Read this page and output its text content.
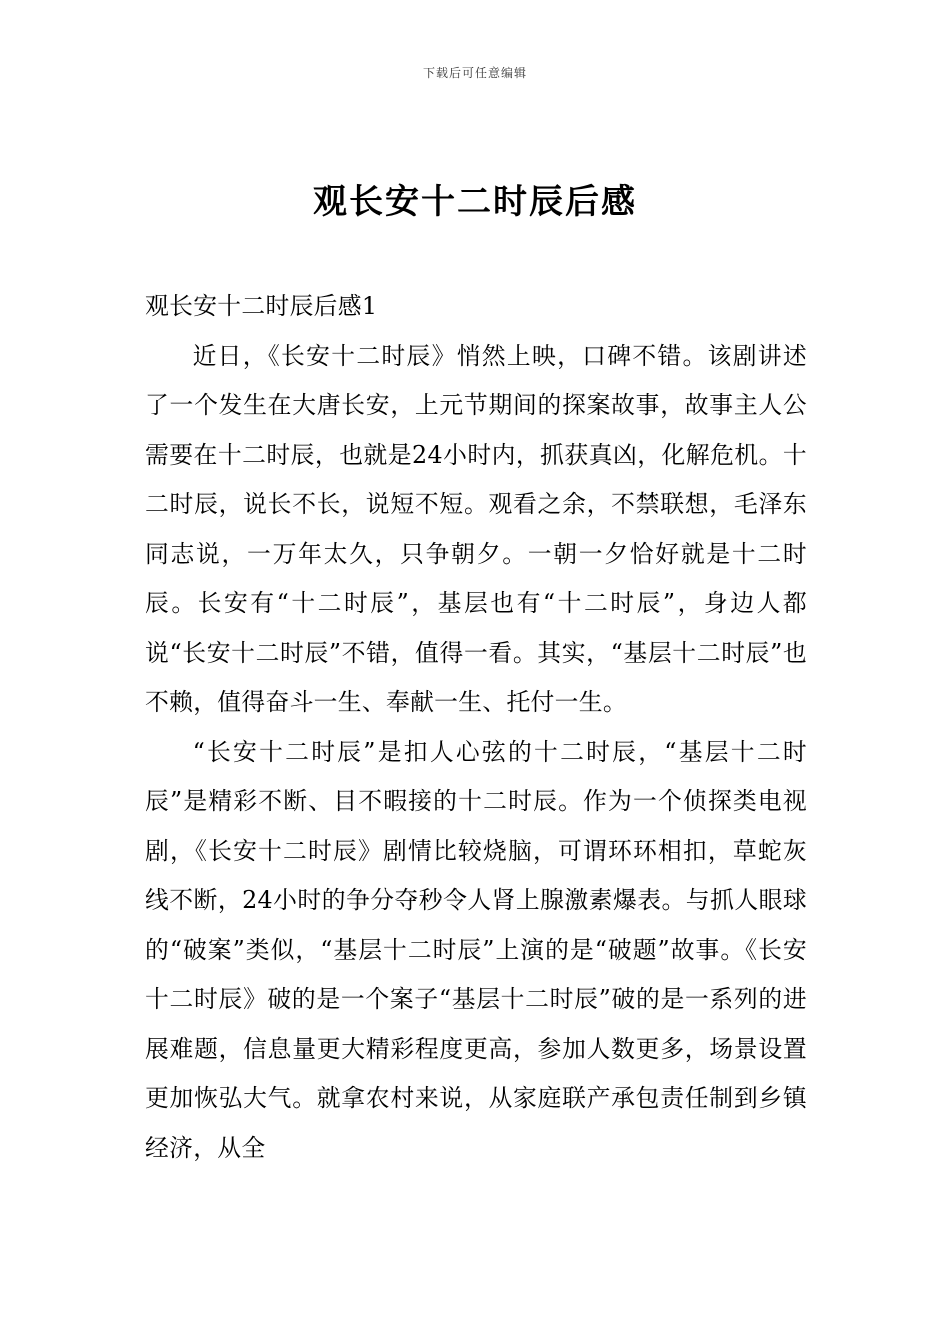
下载后可任意编辑
观长安十二时辰后感

观长安十二时辰后感1

近日，《长安十二时辰》悄然上映，口碑不错。该剧讲述了一个发生在大唐长安，上元节期间的探案故事，故事主人公需要在十二时辰，也就是24小时内，抓获真凶，化解危机。十二时辰，说长不长，说短不短。观看之余，不禁联想，毛泽东同志说，一万年太久，只争朝夕。一朝一夕恰好就是十二时辰。长安有“十二时辰”，基层也有“十二时辰”，身边人都说“长安十二时辰”不错，值得一看。其实，“基层十二时辰”也不赖，值得奋斗一生、奉献一生、托付一生。

“长安十二时辰”是扣人心弦的十二时辰，“基层十二时辰”是精彩不断、目不暇接的十二时辰。作为一个侦探类电视剧，《长安十二时辰》剧情比较烧脑，可谓环环相扣，草蛇灰线不断，24小时的争分夺秒令人肾上腺激素爆表。与抓人眼球的“破案”类似，“基层十二时辰”上演的是“破题”故事。《长安十二时辰》破的是一个案子“基层十二时辰”破的是一系列的进展难题，信息量更大精彩程度更高，参加人数更多，场景设置更加恢弘大气。就拿农村来说，从家庭联产承包责任制到乡镇经济，从全
